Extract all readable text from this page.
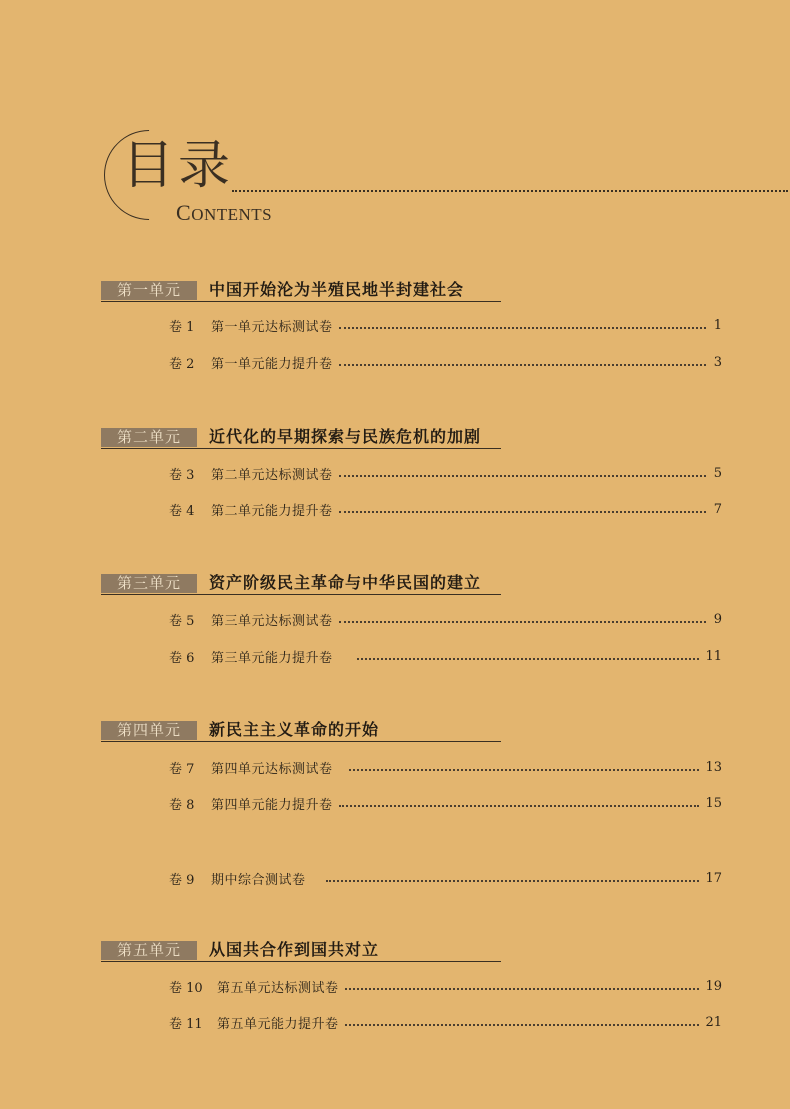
目录
CONTENTS
第一单元	中国开始沦为半殖民地半封建社会
卷 1	第一单元达标测试卷	1
卷 2	第一单元能力提升卷	3
第二单元	近代化的早期探索与民族危机的加剧
卷 3	第二单元达标测试卷	5
卷 4	第二单元能力提升卷	7
第三单元	资产阶级民主革命与中华民国的建立
卷 5	第三单元达标测试卷	9
卷 6	第三单元能力提升卷	11
第四单元	新民主主义革命的开始
卷 7	第四单元达标测试卷	13
卷 8	第四单元能力提升卷	15
卷 9	期中综合测试卷	17
第五单元	从国共合作到国共对立
卷 10	第五单元达标测试卷	19
卷 11	第五单元能力提升卷	21
